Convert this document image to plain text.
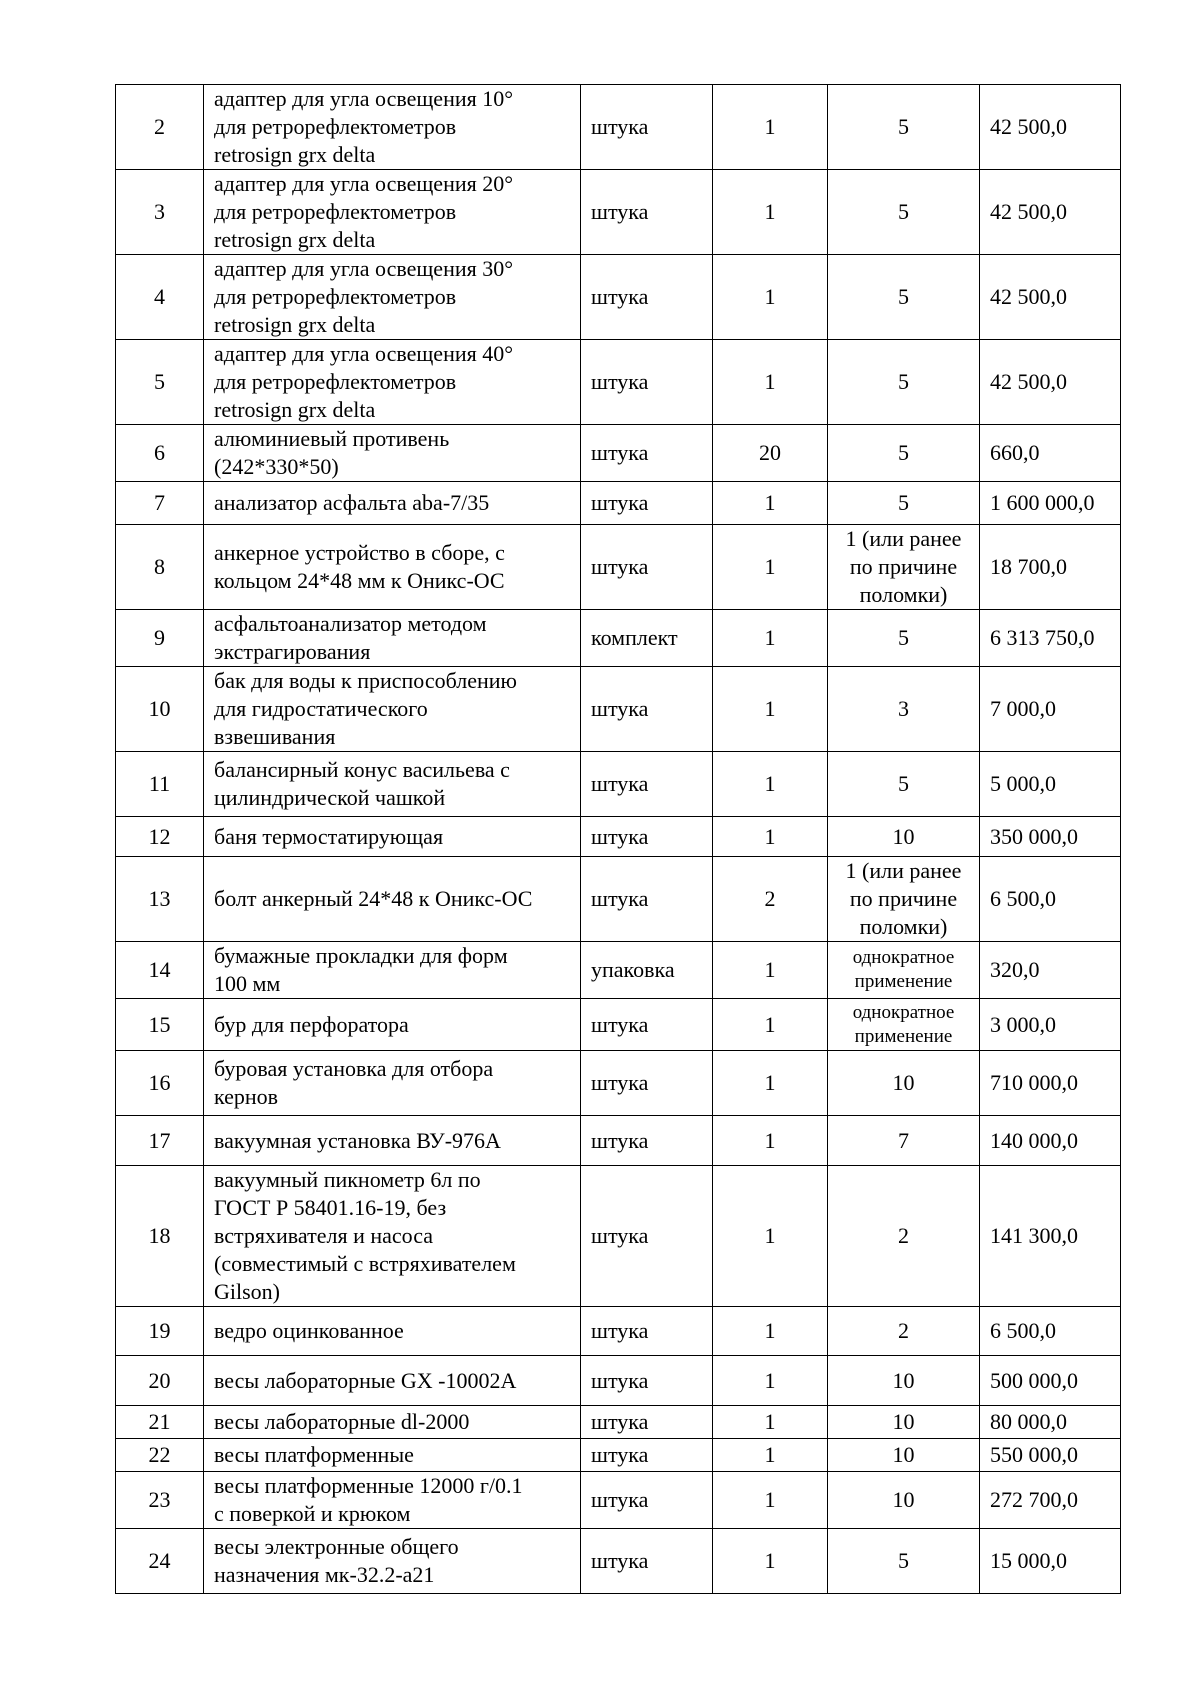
2	адаптер для угла освещения 10°
для ретрорефлектометров
retrosign grx delta	штука	1	5	42 500,0
3	адаптер для угла освещения 20°
для ретрорефлектометров
retrosign grx delta	штука	1	5	42 500,0
4	адаптер для угла освещения 30°
для ретрорефлектометров
retrosign grx delta	штука	1	5	42 500,0
5	адаптер для угла освещения 40°
для ретрорефлектометров
retrosign grx delta	штука	1	5	42 500,0
6	алюминиевый противень
(242*330*50)	штука	20	5	660,0
7	анализатор асфальта aba-7/35	штука	1	5	1 600 000,0
8	анкерное устройство в сборе, с
кольцом 24*48 мм к Оникс-ОС	штука	1	1 (или ранее
по причине
поломки)	18 700,0
9	асфальтоанализатор методом
экстрагирования	комплект	1	5	6 313 750,0
10	бак для воды к приспособлению
для гидростатического
взвешивания	штука	1	3	7 000,0
11	балансирный конус васильева с
цилиндрической чашкой	штука	1	5	5 000,0
12	баня термостатирующая	штука	1	10	350 000,0
13	болт анкерный 24*48 к Оникс-ОС	штука	2	1 (или ранее
по причине
поломки)	6 500,0
14	бумажные прокладки для форм
100 мм	упаковка	1	однократное
применение	320,0
15	бур для перфоратора	штука	1	однократное
применение	3 000,0
16	буровая установка для отбора
кернов	штука	1	10	710 000,0
17	вакуумная установка ВУ-976А	штука	1	7	140 000,0
18	вакуумный пикнометр 6л по
ГОСТ Р 58401.16-19, без
встряхивателя и насоса
(совместимый с встряхивателем
Gilson)	штука	1	2	141 300,0
19	ведро оцинкованное	штука	1	2	6 500,0
20	весы лабораторные GX -10002A	штука	1	10	500 000,0
21	весы лабораторные dl-2000	штука	1	10	80 000,0
22	весы платформенные	штука	1	10	550 000,0
23	весы платформенные 12000 г/0.1
с поверкой и крюком	штука	1	10	272 700,0
24	весы электронные общего
назначения мк-32.2-а21	штука	1	5	15 000,0
